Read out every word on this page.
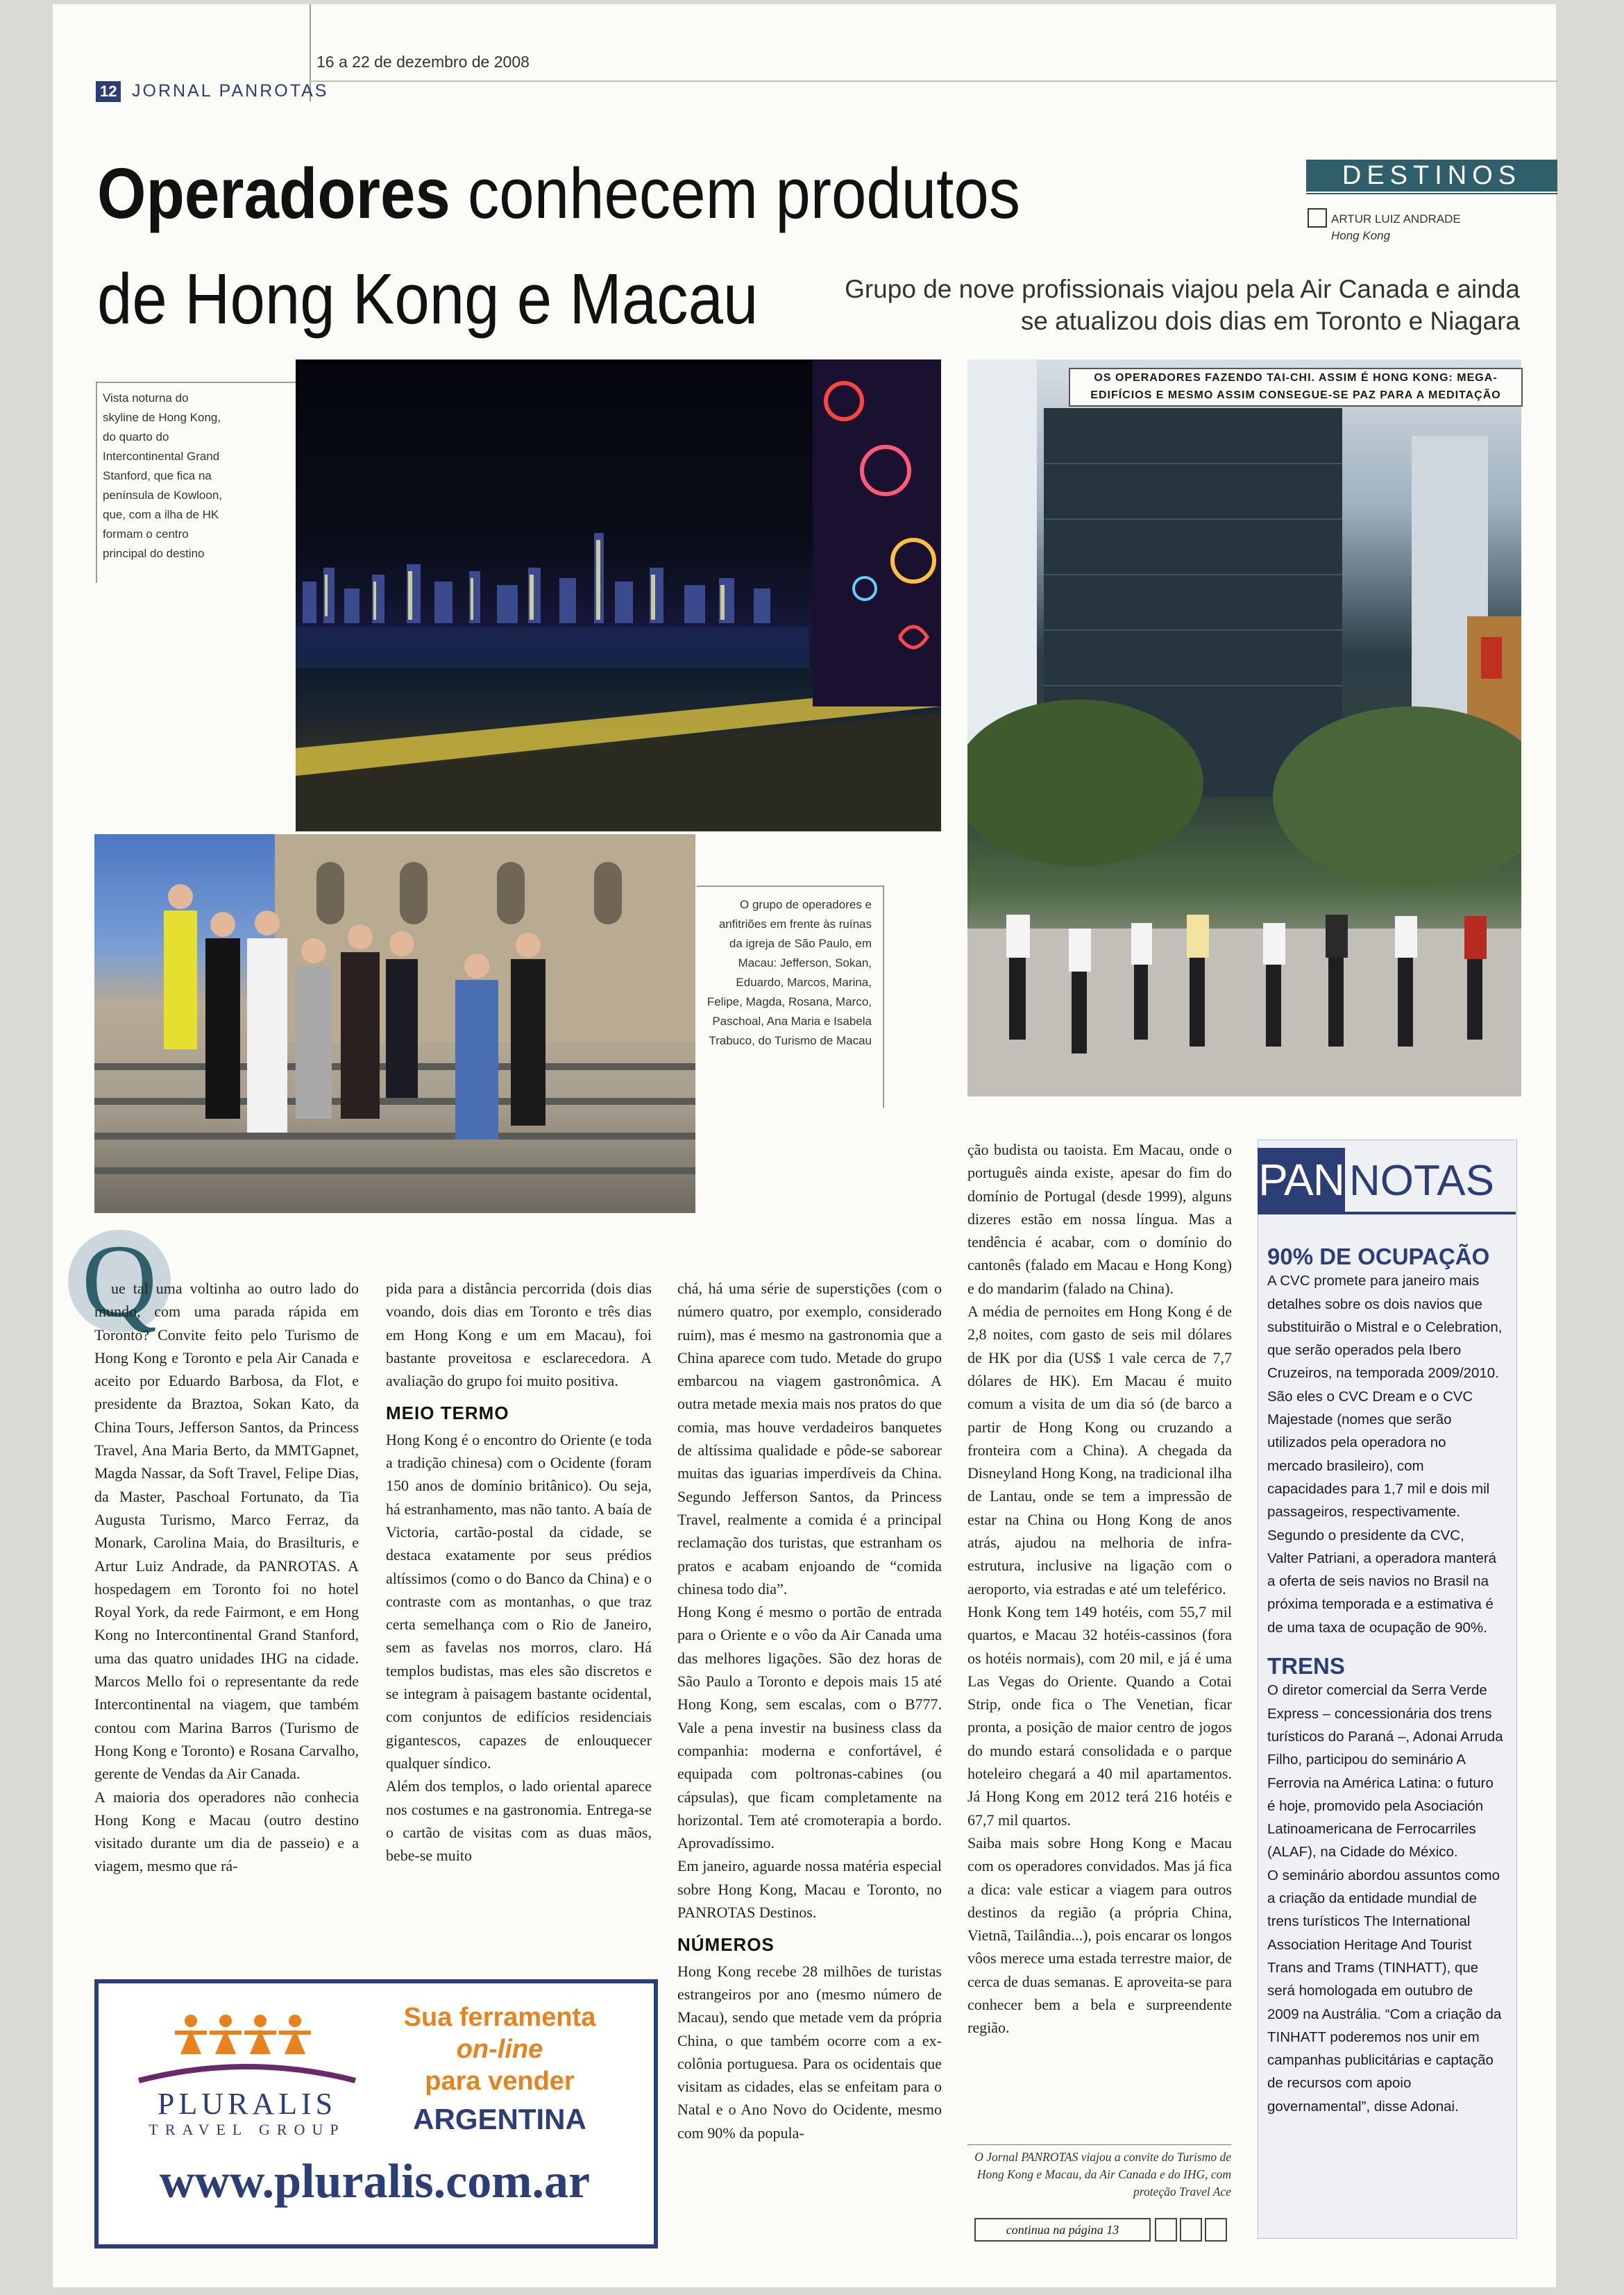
16 a 22 de dezembro de 2008
12 JORNAL PANROTAS
DESTINOS
ARTUR LUIZ ANDRADE
Hong Kong
Operadores conhecem produtos
de Hong Kong e Macau	Grupo de nove profissionais viajou pela Air Canada e ainda se atualizou dois dias em Toronto e Niagara
Vista noturna do skyline de Hong Kong, do quarto do Intercontinental Grand Stanford, que fica na península de Kowloon, que, com a ilha de HK formam o centro principal do destino
O grupo de operadores e anfitriões em frente às ruínas da igreja de São Paulo, em Macau: Jefferson, Sokan, Eduardo, Marcos, Marina, Felipe, Magda, Rosana, Marco, Paschoal, Ana Maria e Isabela Trabuco, do Turismo de Macau
OS OPERADORES FAZENDO TAI-CHI. ASSIM É HONG KONG: MEGA-EDIFÍCIOS E MESMO ASSIM CONSEGUE-SE PAZ PARA A MEDITAÇÃO
Q

ue tal uma voltinha ao outro lado do mundo, com uma parada rápida em Toronto? Convite feito pelo Turismo de Hong Kong e Toronto e pela Air Canada e aceito por Eduardo Barbosa, da Flot, e presidente da Braztoa, Sokan Kato, da China Tours, Jefferson Santos, da Princess Travel, Ana Maria Berto, da MMTGapnet, Magda Nassar, da Soft Travel, Felipe Dias, da Master, Paschoal Fortunato, da Tia Augusta Turismo, Marco Ferraz, da Monark, Carolina Maia, do Brasilturis, e Artur Luiz Andrade, da PANROTAS. A hospedagem em Toronto foi no hotel Royal York, da rede Fairmont, e em Hong Kong no Intercontinental Grand Stanford, uma das quatro unidades IHG na cidade. Marcos Mello foi o representante da rede Intercontinental na viagem, que também contou com Marina Barros (Turismo de Hong Kong e Toronto) e Rosana Carvalho, gerente de Vendas da Air Canada.

A maioria dos operadores não conhecia Hong Kong e Macau (outro destino visitado durante um dia de passeio) e a viagem, mesmo que rá-

pida para a distância percorrida (dois dias voando, dois dias em Toronto e três dias em Hong Kong e um em Macau), foi bastante proveitosa e esclarecedora. A avaliação do grupo foi muito positiva.

MEIO TERMO

Hong Kong é o encontro do Oriente (e toda a tradição chinesa) com o Ocidente (foram 150 anos de domínio britânico). Ou seja, há estranhamento, mas não tanto. A baía de Victoria, cartão-postal da cidade, se destaca exatamente por seus prédios altíssimos (como o do Banco da China) e o contraste com as montanhas, o que traz certa semelhança com o Rio de Janeiro, sem as favelas nos morros, claro. Há templos budistas, mas eles são discretos e se integram à paisagem bastante ocidental, com conjuntos de edifícios residenciais gigantescos, capazes de enlouquecer qualquer síndico.

Além dos templos, o lado oriental aparece nos costumes e na gastronomia. Entrega-se o cartão de visitas com as duas mãos, bebe-se muito

chá, há uma série de superstições (com o número quatro, por exemplo, considerado ruim), mas é mesmo na gastronomia que a China aparece com tudo. Metade do grupo embarcou na viagem gastronômica. A outra metade mexia mais nos pratos do que comia, mas houve verdadeiros banquetes de altíssima qualidade e pôde-se saborear muitas das iguarias imperdíveis da China. Segundo Jefferson Santos, da Princess Travel, realmente a comida é a principal reclamação dos turistas, que estranham os pratos e acabam enjoando de “comida chinesa todo dia”.

Hong Kong é mesmo o portão de entrada para o Oriente e o vôo da Air Canada uma das melhores ligações. São dez horas de São Paulo a Toronto e depois mais 15 até Hong Kong, sem escalas, com o B777. Vale a pena investir na business class da companhia: moderna e confortável, é equipada com poltronas-cabines (ou cápsulas), que ficam completamente na horizontal. Tem até cromoterapia a bordo. Aprovadíssimo.

Em janeiro, aguarde nossa matéria especial sobre Hong Kong, Macau e Toronto, no PANROTAS Destinos.

NÚMEROS

Hong Kong recebe 28 milhões de turistas estrangeiros por ano (mesmo número de Macau), sendo que metade vem da própria China, o que também ocorre com a ex-colônia portuguesa. Para os ocidentais que visitam as cidades, elas se enfeitam para o Natal e o Ano Novo do Ocidente, mesmo com 90% da popula-

ção budista ou taoista. Em Macau, onde o português ainda existe, apesar do fim do domínio de Portugal (desde 1999), alguns dizeres estão em nossa língua. Mas a tendência é acabar, com o domínio do cantonês (falado em Macau e Hong Kong) e do mandarim (falado na China).

A média de pernoites em Hong Kong é de 2,8 noites, com gasto de seis mil dólares de HK por dia (US$ 1 vale cerca de 7,7 dólares de HK). Em Macau é muito comum a visita de um dia só (de barco a partir de Hong Kong ou cruzando a fronteira com a China). A chegada da Disneyland Hong Kong, na tradicional ilha de Lantau, onde se tem a impressão de estar na China ou Hong Kong de anos atrás, ajudou na melhoria de infra-estrutura, inclusive na ligação com o aeroporto, via estradas e até um teleférico.

Honk Kong tem 149 hotéis, com 55,7 mil quartos, e Macau 32 hotéis-cassinos (fora os hotéis normais), com 20 mil, e já é uma Las Vegas do Oriente. Quando a Cotai Strip, onde fica o The Venetian, ficar pronta, a posição de maior centro de jogos do mundo estará consolidada e o parque hoteleiro chegará a 40 mil apartamentos. Já Hong Kong em 2012 terá 216 hotéis e 67,7 mil quartos.

Saiba mais sobre Hong Kong e Macau com os operadores convidados. Mas já fica a dica: vale esticar a viagem para outros destinos da região (a própria China, Vietnã, Tailândia...), pois encarar os longos vôos merece uma estada terrestre maior, de cerca de duas semanas. E aproveita-se para conhecer bem a bela e surpreendente região.

O Jornal PANROTAS viajou a convite do Turismo de Hong Kong e Macau, da Air Canada e do IHG, com proteção Travel Ace
continua na página 13
PAN NOTAS
90% DE OCUPAÇÃO

A CVC promete para janeiro mais detalhes sobre os dois navios que substituirão o Mistral e o Celebration, que serão operados pela Ibero Cruzeiros, na temporada 2009/2010. São eles o CVC Dream e o CVC Majestade (nomes que serão utilizados pela operadora no mercado brasileiro), com capacidades para 1,7 mil e dois mil passageiros, respectivamente. Segundo o presidente da CVC, Valter Patriani, a operadora manterá a oferta de seis navios no Brasil na próxima temporada e a estimativa é de uma taxa de ocupação de 90%.

TRENS

O diretor comercial da Serra Verde Express – concessionária dos trens turísticos do Paraná –, Adonai Arruda Filho, participou do seminário A Ferrovia na América Latina: o futuro é hoje, promovido pela Asociación Latinoamericana de Ferrocarriles (ALAF), na Cidade do México.

O seminário abordou assuntos como a criação da entidade mundial de trens turísticos The International Association Heritage And Tourist Trans and Trams (TINHATT), que será homologada em outubro de 2009 na Austrália. “Com a criação da TINHATT poderemos nos unir em campanhas publicitárias e captação de recursos com apoio governamental”, disse Adonai.

PLURALIS
TRAVEL GROUP
Sua ferramenta
on-line
para vender
ARGENTINA
www.pluralis.com.ar
